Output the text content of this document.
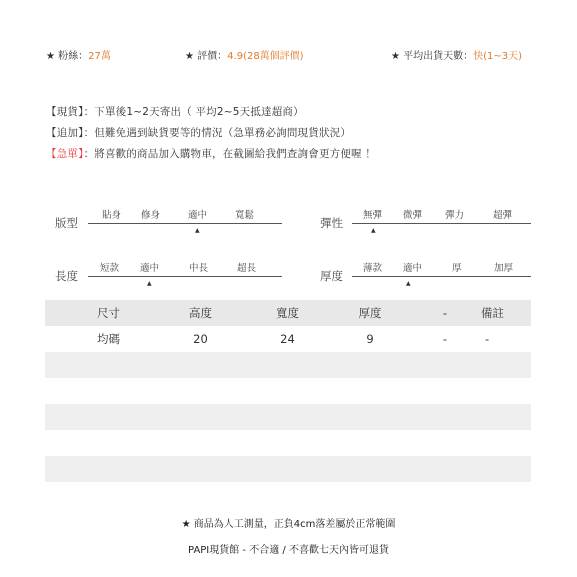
★ 粉絲：27萬	★ 評價：4.9(28萬個評價)	★ 平均出貨天數：快(1~3天)
【現貨】：下單後1~2天寄出（ 平均2~5天抵達超商）
【追加】：但難免遇到缺貨要等的情況（急單務必詢問現貨狀況）
【急單】：將喜歡的商品加入購物車，在截圖給我們查詢會更方便喔 ！
版型
貼身 修身	適中	寬鬆
▲
彈性
無彈 微彈 彈力	超彈
▲
長度
短款 適中	中長	超長
▲
厚度
薄款 適中	厚	加厚
▲
	尺寸	高度	寬度	厚度	-	備註
	均碼	20	24	9	-	-

★ 商品為人工測量，正負4cm落差屬於正常範圍
PAPI現貨館 - 不合適 / 不喜歡七天內皆可退貨
